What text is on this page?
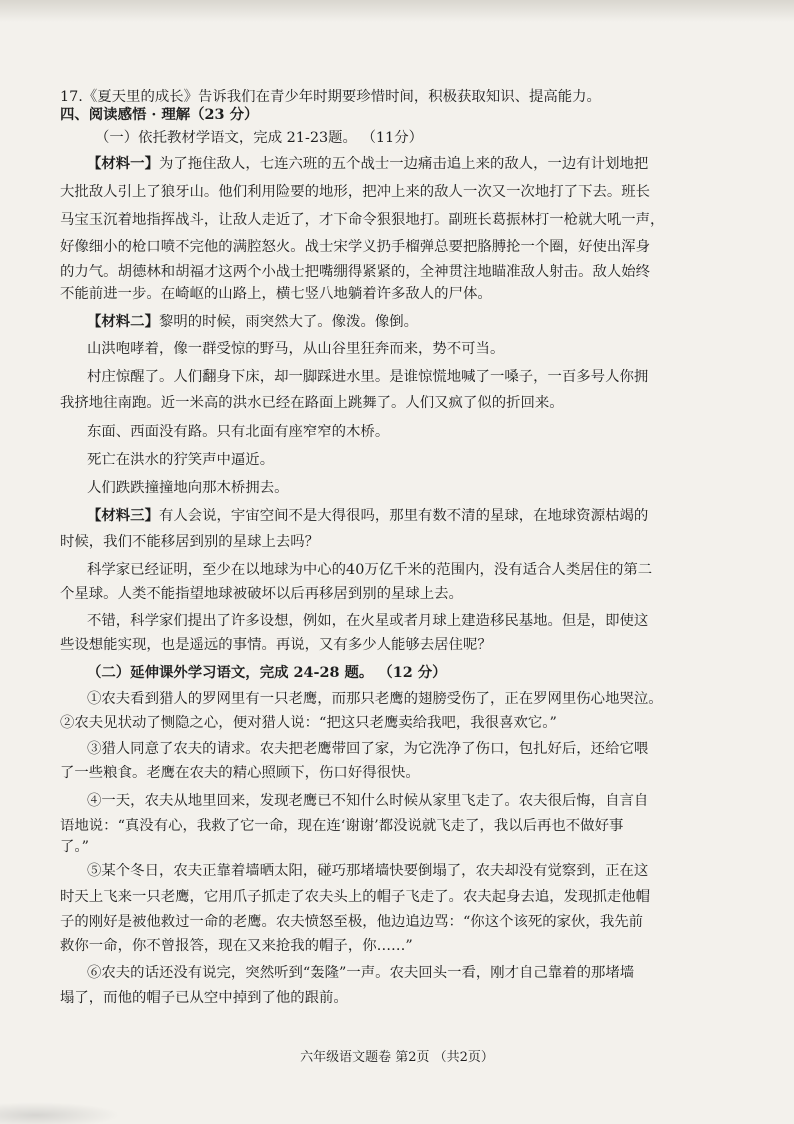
17.《夏天里的成长》告诉我们在青少年时期要珍惜时间，积极获取知识、提高能力。
四、阅读感悟 · 理解（23 分）
（一）依托教材学语文，完成 21-23题。 （11分）
【材料一】为了拖住敌人，七连六班的五个战士一边痛击追上来的敌人，一边有计划地把
大批敌人引上了狼牙山。他们利用险要的地形，把冲上来的敌人一次又一次地打了下去。班长
马宝玉沉着地指挥战斗，让敌人走近了，才下命令狠狠地打。副班长葛振林打一枪就大吼一声，
好像细小的枪口喷不完他的满腔怒火。战士宋学义扔手榴弹总要把胳膊抡一个圈，好使出浑身
的力气。胡德林和胡福才这两个小战士把嘴绷得紧紧的，全神贯注地瞄准敌人射击。敌人始终
不能前进一步。在崎岖的山路上，横七竖八地躺着许多敌人的尸体。
【材料二】黎明的时候，雨突然大了。像泼。像倒。
山洪咆哮着，像一群受惊的野马，从山谷里狂奔而来，势不可当。
村庄惊醒了。人们翻身下床，却一脚踩进水里。是谁惊慌地喊了一嗓子，一百多号人你拥
我挤地往南跑。近一米高的洪水已经在路面上跳舞了。人们又疯了似的折回来。
东面、西面没有路。只有北面有座窄窄的木桥。
死亡在洪水的狞笑声中逼近。
人们跌跌撞撞地向那木桥拥去。
【材料三】有人会说，宇宙空间不是大得很吗，那里有数不清的星球，在地球资源枯竭的
时候，我们不能移居到别的星球上去吗？
科学家已经证明，至少在以地球为中心的40万亿千米的范围内，没有适合人类居住的第二
个星球。人类不能指望地球被破坏以后再移居到别的星球上去。
不错，科学家们提出了许多设想，例如，在火星或者月球上建造移民基地。但是，即使这
些设想能实现，也是遥远的事情。再说，又有多少人能够去居住呢？
（二）延伸课外学习语文，完成 24-28 题。 （12 分）
①农夫看到猎人的罗网里有一只老鹰，而那只老鹰的翅膀受伤了，正在罗网里伤心地哭泣。
②农夫见状动了恻隐之心，便对猎人说：“把这只老鹰卖给我吧，我很喜欢它。”
③猎人同意了农夫的请求。农夫把老鹰带回了家，为它洗净了伤口，包扎好后，还给它喂
了一些粮食。老鹰在农夫的精心照顾下，伤口好得很快。
④一天，农夫从地里回来，发现老鹰已不知什么时候从家里飞走了。农夫很后悔，自言自
语地说：“真没有心，我救了它一命，现在连‘谢谢’都没说就飞走了，我以后再也不做好事
了。”
⑤某个冬日，农夫正靠着墙晒太阳，碰巧那堵墙快要倒塌了，农夫却没有觉察到，正在这
时天上飞来一只老鹰，它用爪子抓走了农夫头上的帽子飞走了。农夫起身去追，发现抓走他帽
子的刚好是被他救过一命的老鹰。农夫愤怒至极，他边追边骂：“你这个该死的家伙，我先前
救你一命，你不曾报答，现在又来抢我的帽子，你……”
⑥农夫的话还没有说完，突然听到“轰隆”一声。农夫回头一看，刚才自己靠着的那堵墙
塌了，而他的帽子已从空中掉到了他的跟前。
六年级语文题卷 第2页 （共2页）
